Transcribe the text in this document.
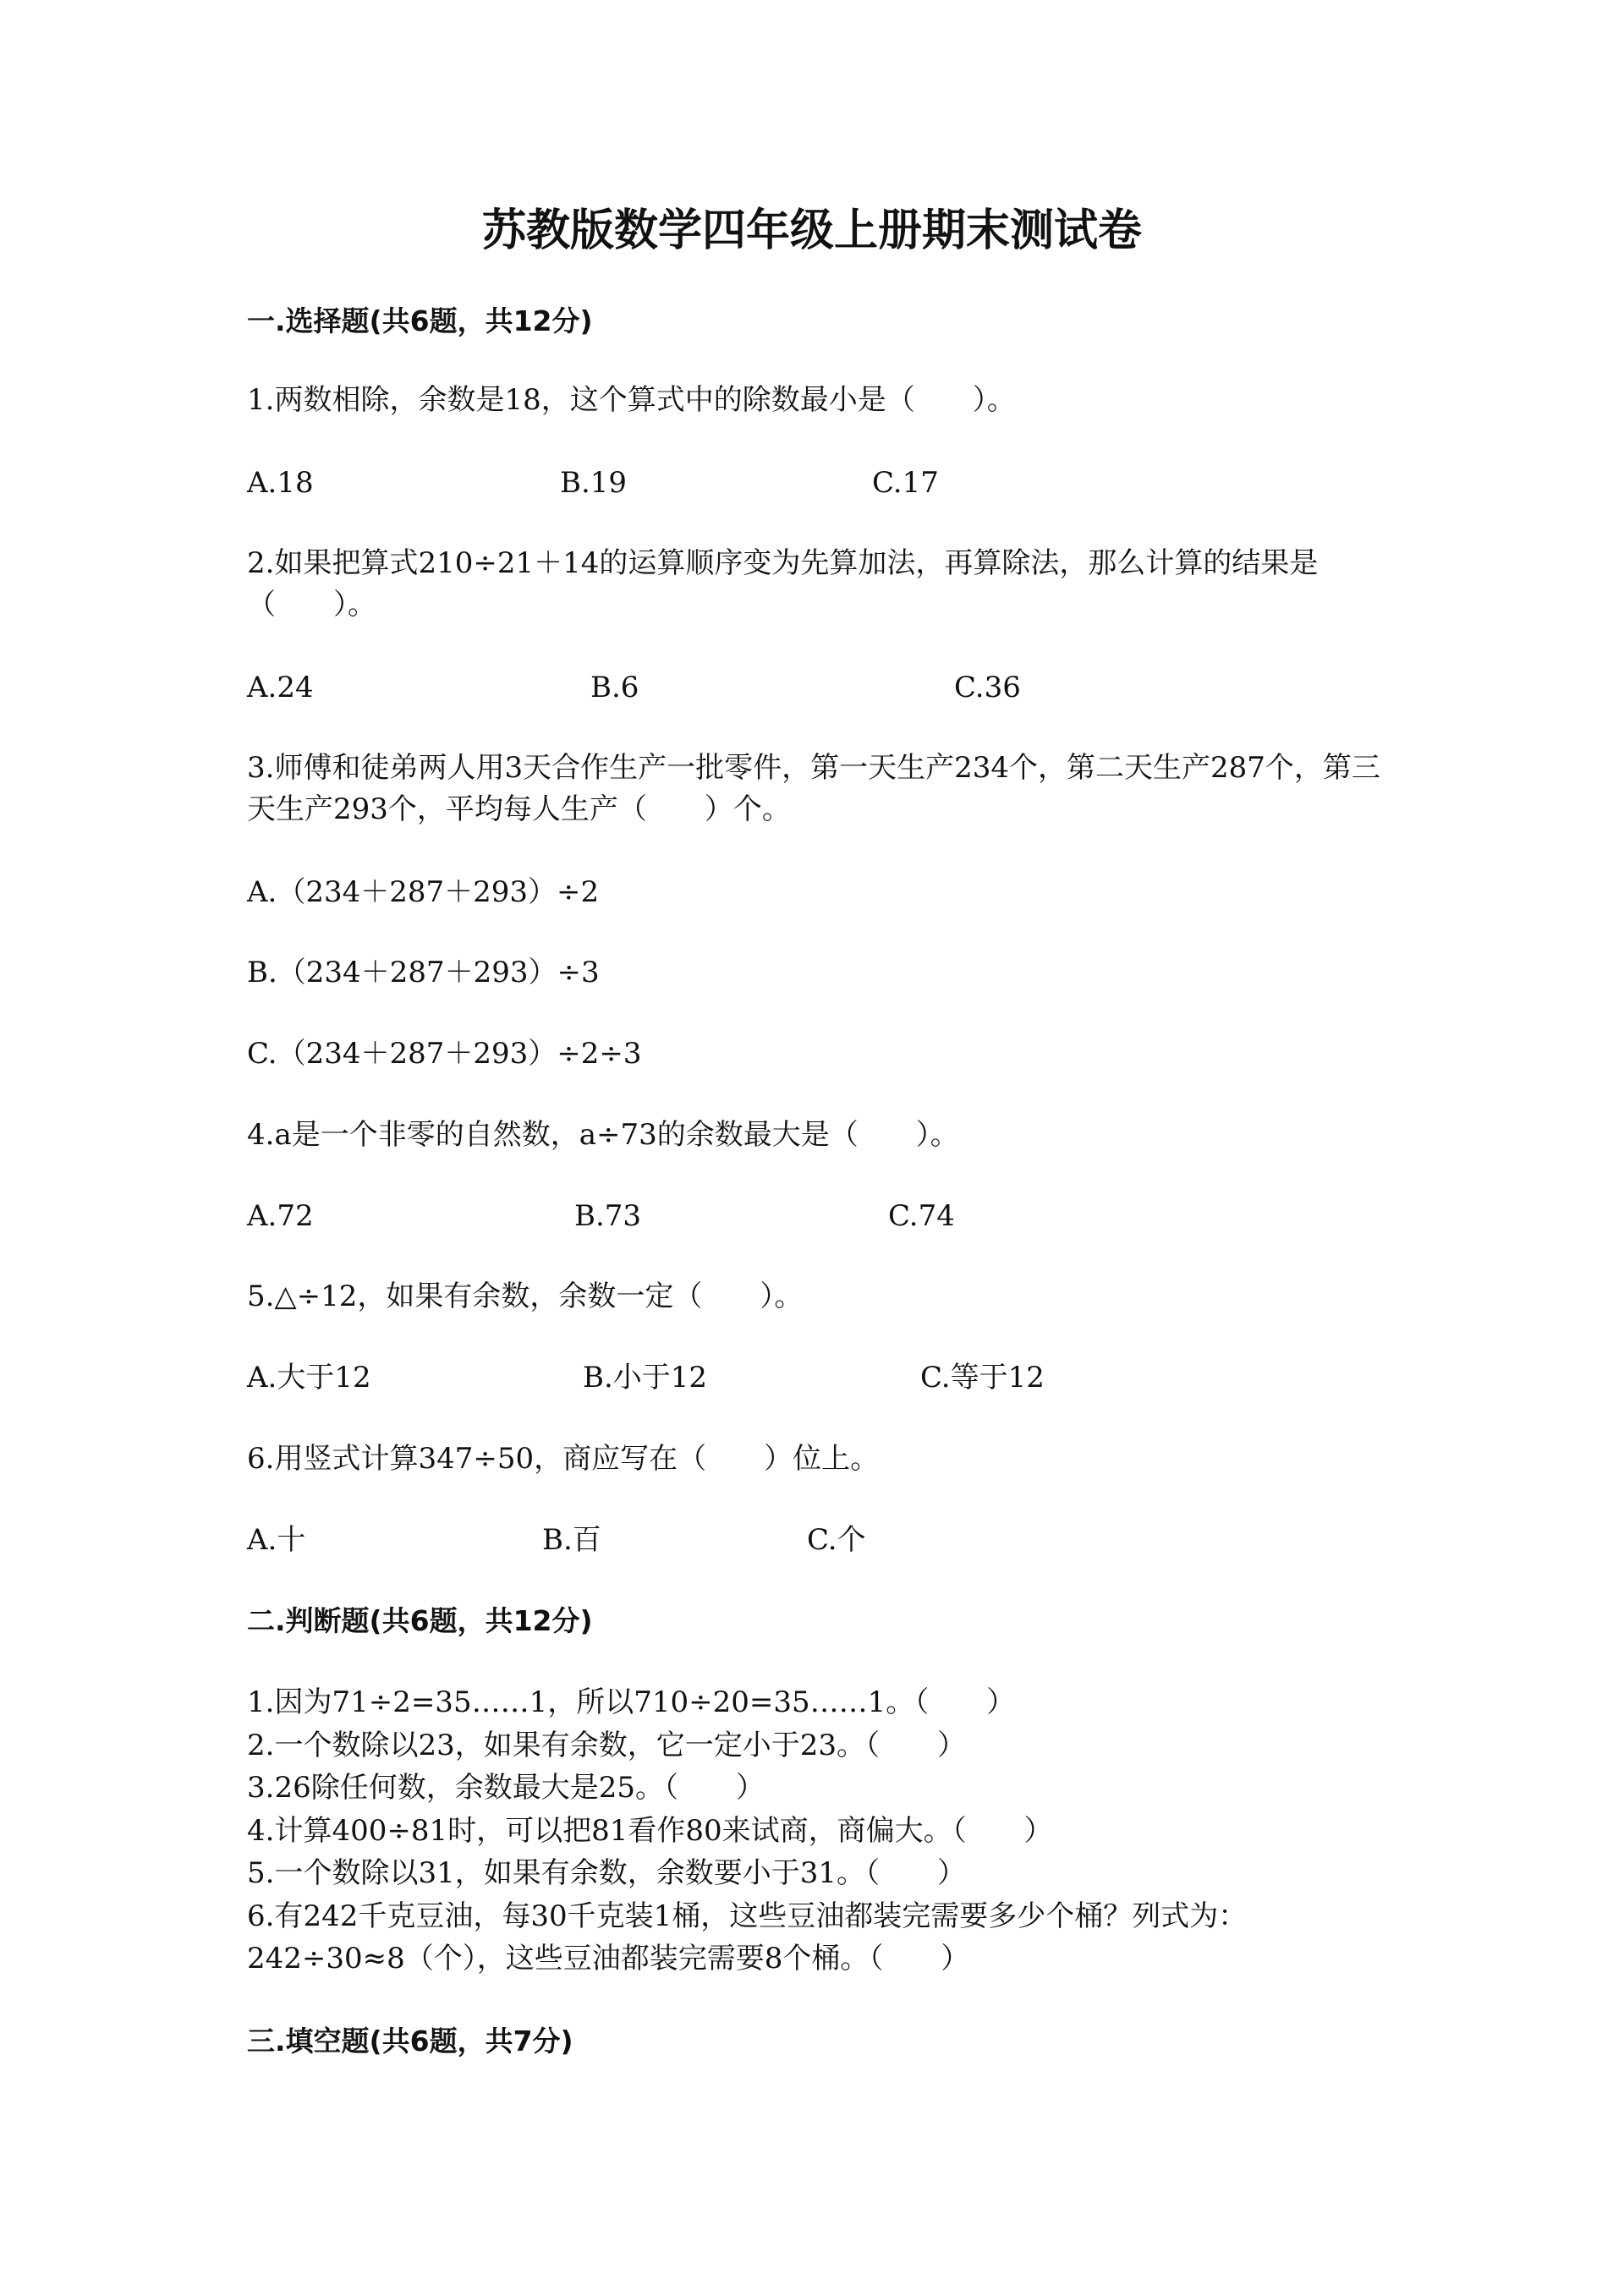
苏教版数学四年级上册期末测试卷
一.选择题(共6题，共12分)
1.两数相除，余数是18，这个算式中的除数最小是（　　）。
A.18	B.19	C.17
2.如果把算式210÷21＋14的运算顺序变为先算加法，再算除法，那么计算的结果是（　　）。
A.24	B.6	C.36
3.师傅和徒弟两人用3天合作生产一批零件，第一天生产234个，第二天生产287个，第三天生产293个，平均每人生产（　　）个。
A.（234＋287＋293）÷2
B.（234＋287＋293）÷3
C.（234＋287＋293）÷2÷3
4.a是一个非零的自然数，a÷73的余数最大是（　　）。
A.72	B.73	C.74
5.△÷12，如果有余数，余数一定（　　）。
A.大于12	B.小于12	C.等于12
6.用竖式计算347÷50，商应写在（　　）位上。
A.十	B.百	C.个
二.判断题(共6题，共12分)
1.因为71÷2=35……1，所以710÷20=35……1。（　　）
2.一个数除以23，如果有余数，它一定小于23。（　　）
3.26除任何数，余数最大是25。（　　）
4.计算400÷81时，可以把81看作80来试商，商偏大。（　　）
5.一个数除以31，如果有余数，余数要小于31。（　　）
6.有242千克豆油，每30千克装1桶，这些豆油都装完需要多少个桶？列式为：242÷30≈8（个），这些豆油都装完需要8个桶。（　　）
三.填空题(共6题，共7分)
